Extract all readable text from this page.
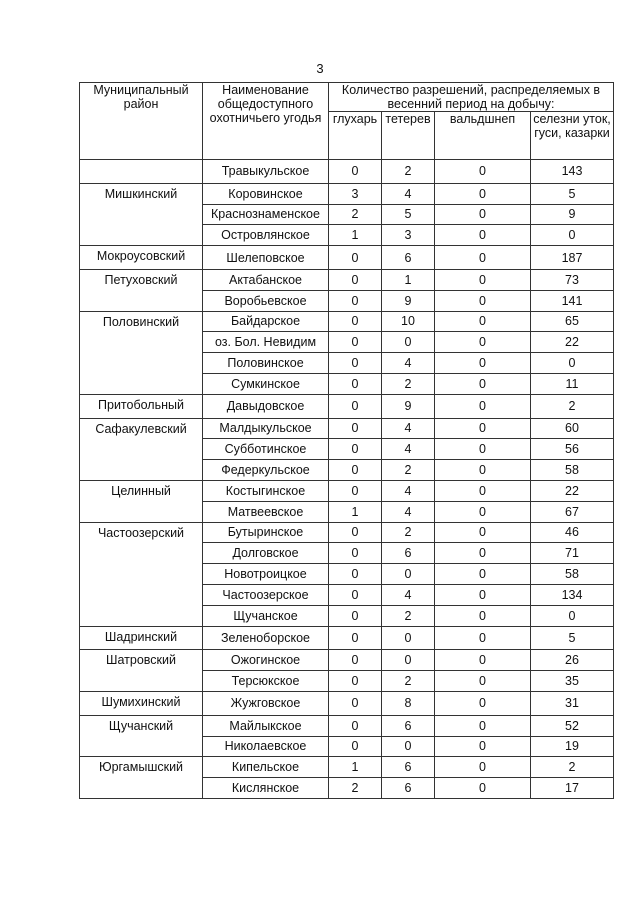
3
Муниципальный район	Наименование общедоступного охотничьего угодья	Количество разрешений, распределяемых в весенний период на добычу:			
		глухарь	тетерев	вальдшнеп	селезни уток, гуси, казарки
	Травыкульское	0	2	0	143
Мишкинский	Коровинское	3	4	0	5
	Краснознаменское	2	5	0	9
	Островлянское	1	3	0	0
Мокроусовский	Шелеповское	0	6	0	187
Петуховский	Актабанское	0	1	0	73
	Воробьевское	0	9	0	141
Половинский	Байдарское	0	10	0	65
	оз. Бол. Невидим	0	0	0	22
	Половинское	0	4	0	0
	Сумкинское	0	2	0	11
Притобольный	Давыдовское	0	9	0	2
Сафакулевский	Малдыкульское	0	4	0	60
	Субботинское	0	4	0	56
	Федеркульское	0	2	0	58
Целинный	Костыгинское	0	4	0	22
	Матвеевское	1	4	0	67
Частоозерский	Бутыринское	0	2	0	46
	Долговское	0	6	0	71
	Новотроицкое	0	0	0	58
	Частоозерское	0	4	0	134
	Щучанское	0	2	0	0
Шадринский	Зеленоборское	0	0	0	5
Шатровский	Ожогинское	0	0	0	26
	Терсюкское	0	2	0	35
Шумихинский	Жужговское	0	8	0	31
Щучанский	Майлыкское	0	6	0	52
	Николаевское	0	0	0	19
Юргамышский	Кипельское	1	6	0	2
	Кислянское	2	6	0	17
